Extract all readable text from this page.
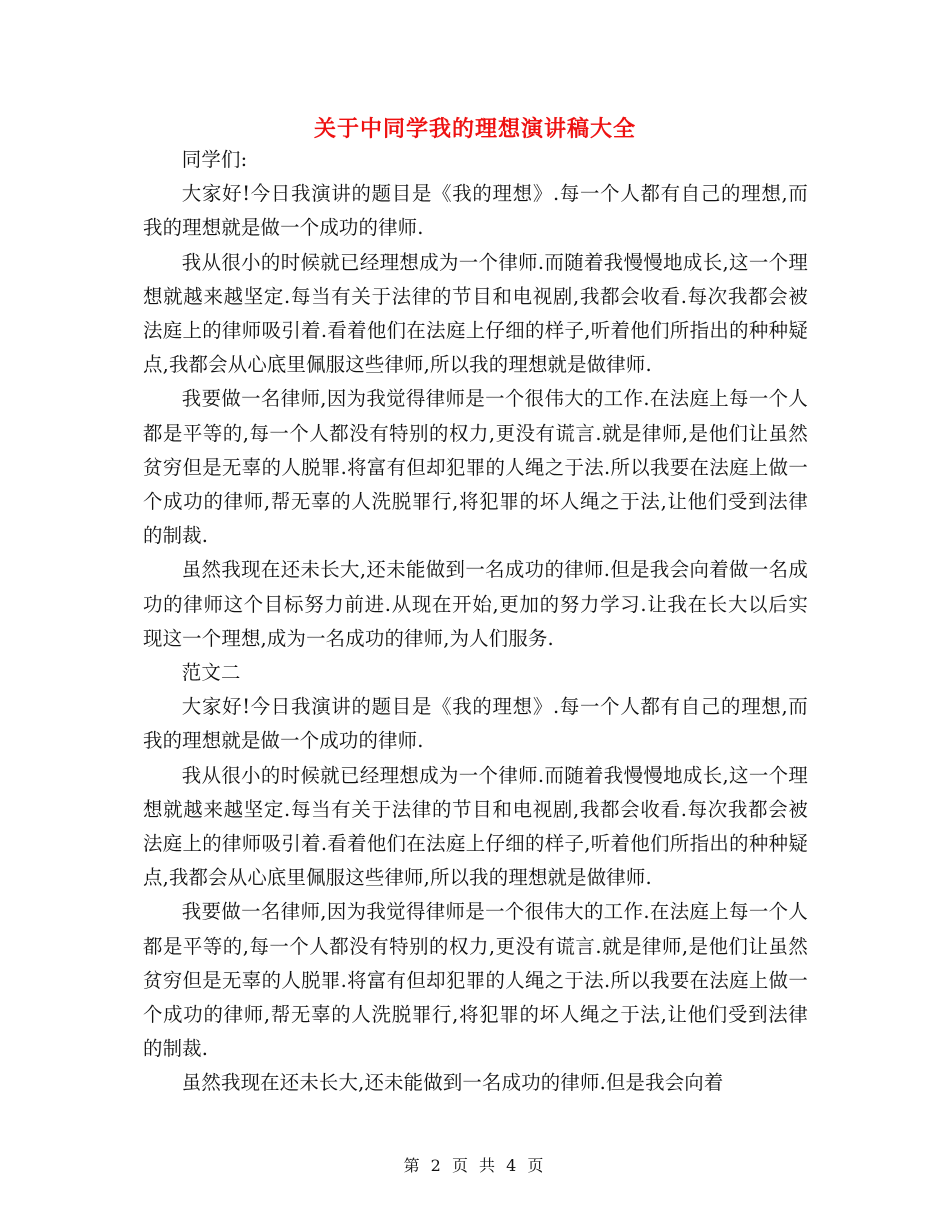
关于中同学我的理想演讲稿大全

同学们:

大家好!今日我演讲的题目是《我的理想》.每一个人都有自己的理想,而我的理想就是做一个成功的律师.

我从很小的时候就已经理想成为一个律师.而随着我慢慢地成长,这一个理想就越来越坚定.每当有关于法律的节目和电视剧,我都会收看.每次我都会被法庭上的律师吸引着.看着他们在法庭上仔细的样子,听着他们所指出的种种疑点,我都会从心底里佩服这些律师,所以我的理想就是做律师.

我要做一名律师,因为我觉得律师是一个很伟大的工作.在法庭上每一个人都是平等的,每一个人都没有特别的权力,更没有谎言.就是律师,是他们让虽然贫穷但是无辜的人脱罪.将富有但却犯罪的人绳之于法.所以我要在法庭上做一个成功的律师,帮无辜的人洗脱罪行,将犯罪的坏人绳之于法,让他们受到法律的制裁.

虽然我现在还未长大,还未能做到一名成功的律师.但是我会向着做一名成功的律师这个目标努力前进.从现在开始,更加的努力学习.让我在长大以后实现这一个理想,成为一名成功的律师,为人们服务.

范文二

大家好!今日我演讲的题目是《我的理想》.每一个人都有自己的理想,而我的理想就是做一个成功的律师.

我从很小的时候就已经理想成为一个律师.而随着我慢慢地成长,这一个理想就越来越坚定.每当有关于法律的节目和电视剧,我都会收看.每次我都会被法庭上的律师吸引着.看着他们在法庭上仔细的样子,听着他们所指出的种种疑点,我都会从心底里佩服这些律师,所以我的理想就是做律师.

我要做一名律师,因为我觉得律师是一个很伟大的工作.在法庭上每一个人都是平等的,每一个人都没有特别的权力,更没有谎言.就是律师,是他们让虽然贫穷但是无辜的人脱罪.将富有但却犯罪的人绳之于法.所以我要在法庭上做一个成功的律师,帮无辜的人洗脱罪行,将犯罪的坏人绳之于法,让他们受到法律的制裁.

虽然我现在还未长大,还未能做到一名成功的律师.但是我会向着

第 2 页 共 4 页
